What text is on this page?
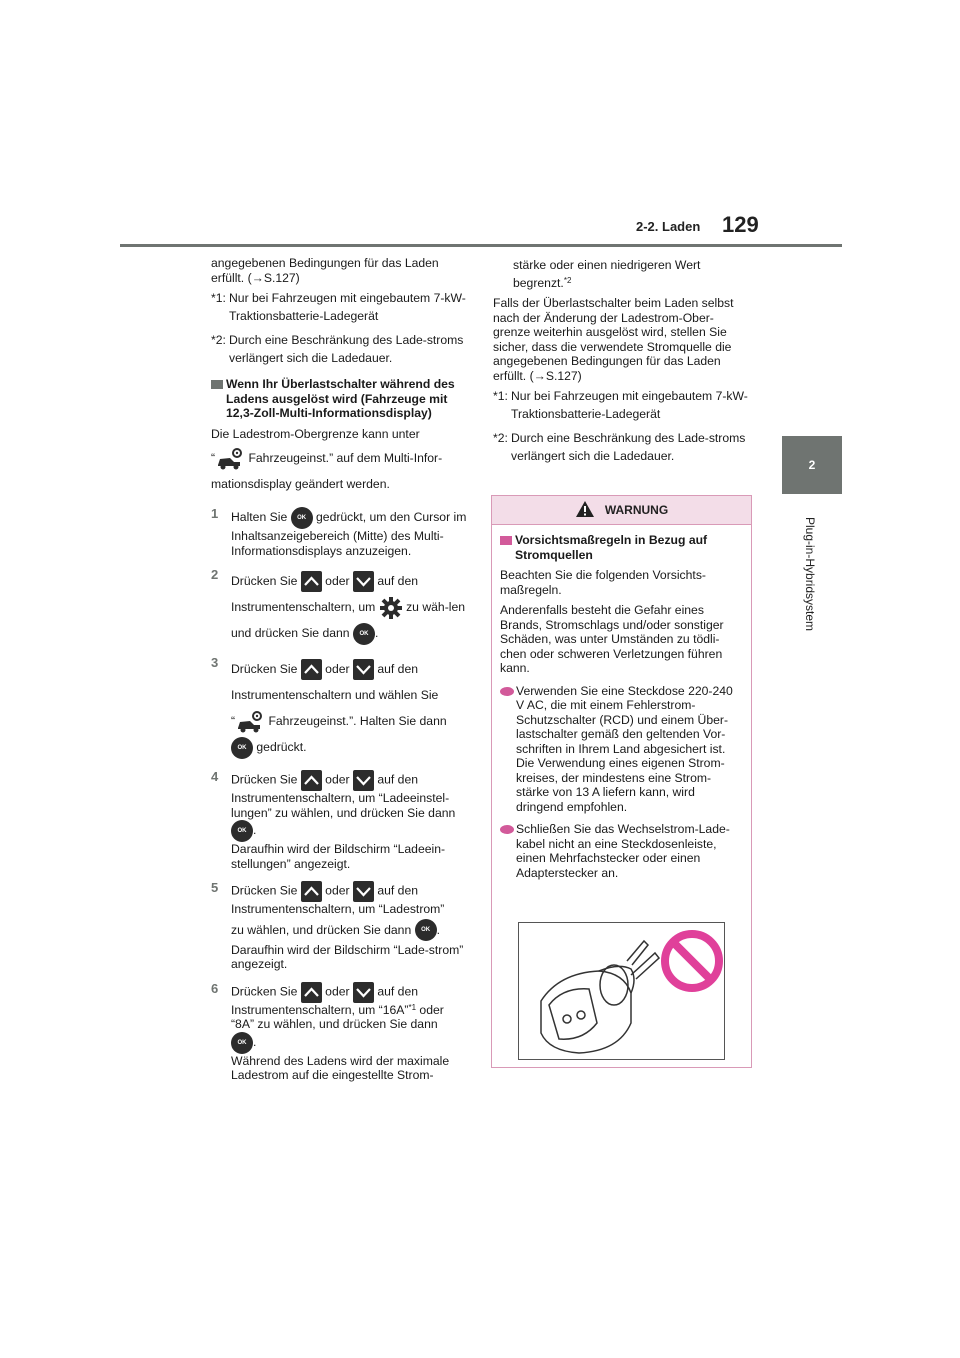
2-2. Laden 129
2
Plug-in-Hybridsystem

angegebenen Bedingungen für das Laden erfüllt. (→S.127)

*1: Nur bei Fahrzeugen mit eingebautem 7-kW-Traktionsbatterie-Ladegerät
*2: Durch eine Beschränkung des Lade-stroms verlängert sich die Ladedauer.
Wenn Ihr Überlastschalter während des Ladens ausgelöst wird (Fahrzeuge mit 12,3-Zoll-Multi-Informationsdisplay)

Die Ladestrom-Obergrenze kann unter

“ Fahrzeugeinst.” auf dem Multi-Infor-mationsdisplay geändert werden.

1	Halten Sie OK gedrückt, um den Cursor im Inhaltsanzeigebereich (Mitte) des Multi-Informationsdisplays anzuzeigen.
2	Drücken Sie
oder
auf den Instrumentenschaltern, um  zu wäh-len und drücken Sie dann OK .
3	Drücken Sie
oder
auf den Instrumentenschaltern und wählen Sie
“ Fahrzeugeinst.”. Halten Sie dann
OK gedrückt.
4	Drücken Sie
oder
auf den Instrumentenschaltern, um “Ladeeinstel-lungen” zu wählen, und drücken Sie dann
OK .
Daraufhin wird der Bildschirm “Ladeein-stellungen” angezeigt.
5	Drücken Sie
oder
auf den Instrumentenschaltern, um “Ladestrom”
zu wählen, und drücken Sie dann OK .
Daraufhin wird der Bildschirm “Lade-strom” angezeigt.
6	Drücken Sie
oder
auf den Instrumentenschaltern, um “16A”$^{*1}$ oder “8A” zu wählen, und drücken Sie dann
OK .
Während des Ladens wird der maximale Ladestrom auf die eingestellte Strom-

stärke oder einen niedrigeren Wert begrenzt.$^{*2}$

Falls der Überlastschalter beim Laden selbst nach der Änderung der Ladestrom-Ober-grenze weiterhin ausgelöst wird, stellen Sie sicher, dass die verwendete Stromquelle die angegebenen Bedingungen für das Laden erfüllt. (→S.127)

*1: Nur bei Fahrzeugen mit eingebautem 7-kW-Traktionsbatterie-Ladegerät
*2: Durch eine Beschränkung des Lade-stroms verlängert sich die Ladedauer.
WARNUNG
Vorsichtsmaßregeln in Bezug auf Stromquellen

Beachten Sie die folgenden Vorsichts-maßregeln.

Anderenfalls besteht die Gefahr eines Brands, Stromschlags und/oder sonstiger Schäden, was unter Umständen zu tödli-chen oder schweren Verletzungen führen kann.

Verwenden Sie eine Steckdose 220-240 V AC, die mit einem Fehlerstrom-Schutzschalter (RCD) und einem Über-lastschalter gemäß den geltenden Vor-schriften in Ihrem Land abgesichert ist. Die Verwendung eines eigenen Strom-kreises, der mindestens eine Strom-stärke von 13 A liefern kann, wird dringend empfohlen.
Schließen Sie das Wechselstrom-Lade-kabel nicht an eine Steckdosenleiste, einen Mehrfachstecker oder einen Adapterstecker an.
